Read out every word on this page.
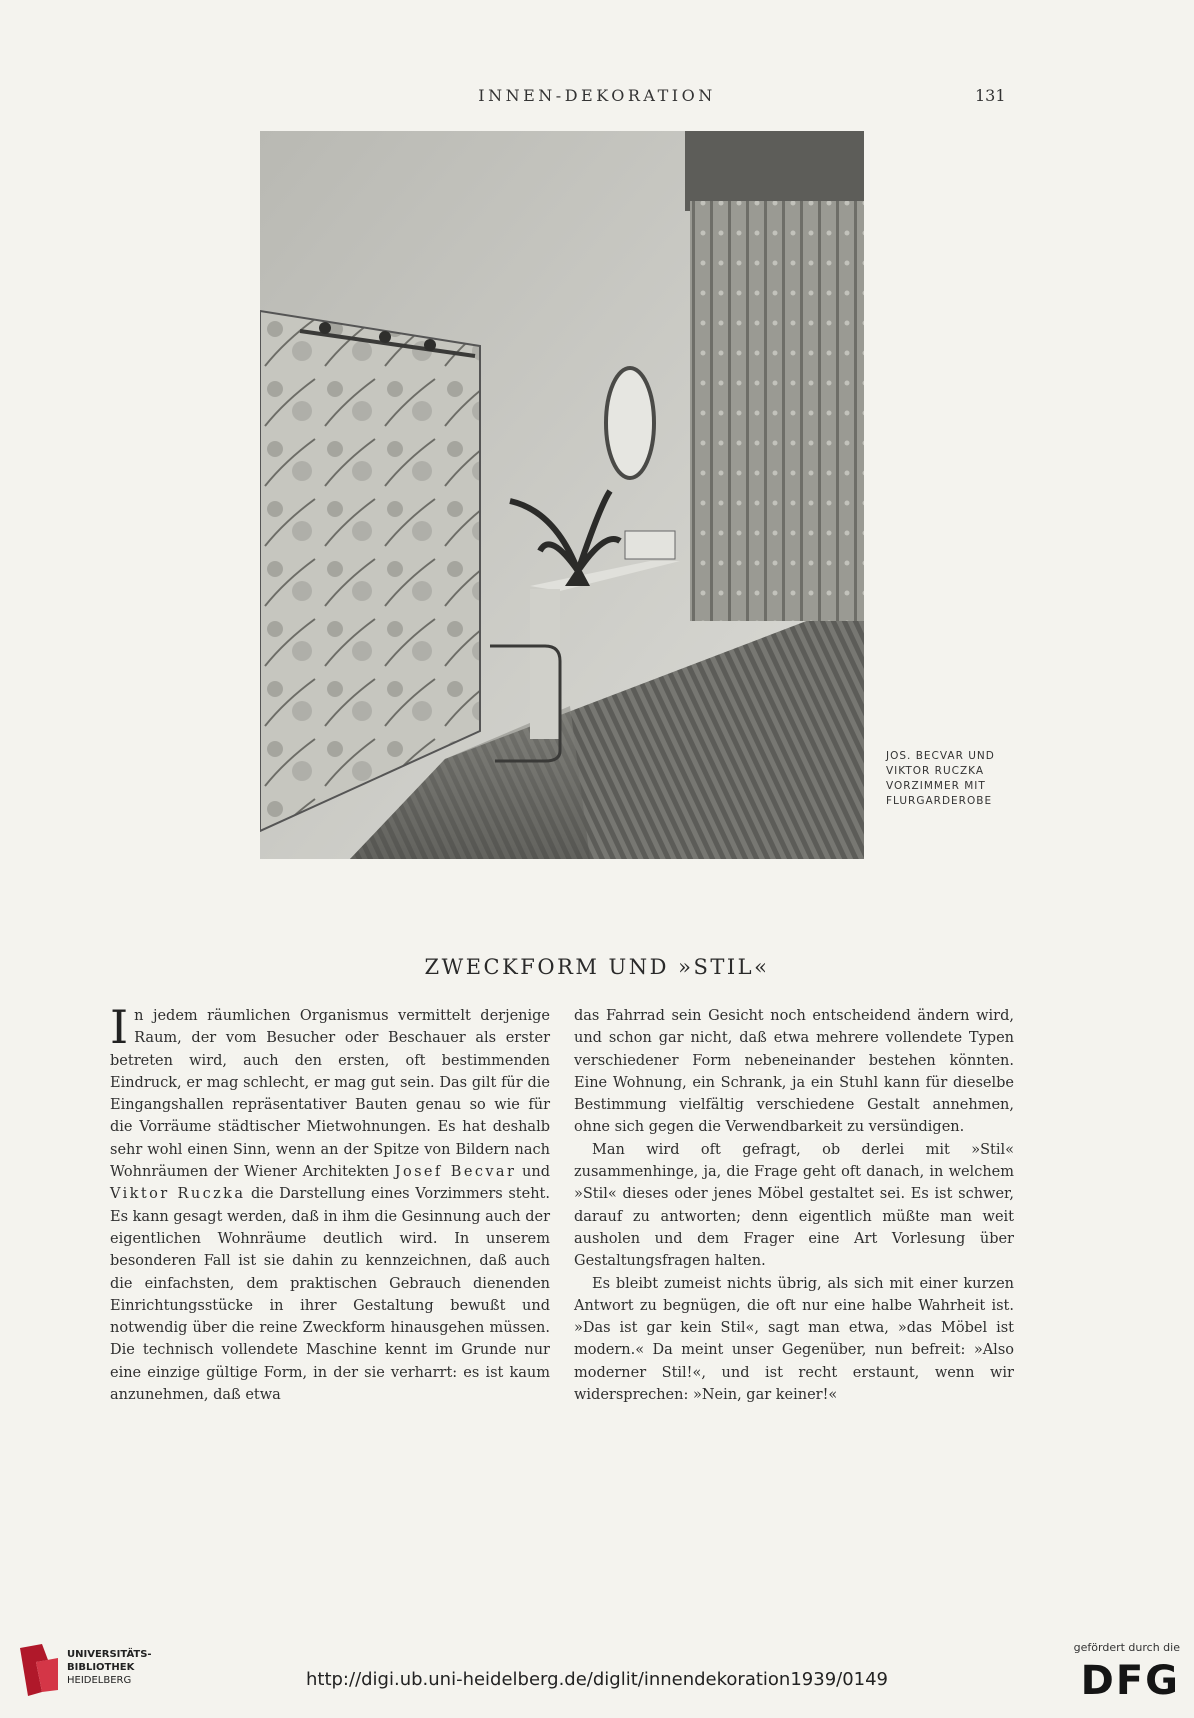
INNEN-DEKORATION	131
JOS. BECVAR UND
VIKTOR RUCZKA
VORZIMMER MIT
FLURGARDEROBE
ZWECKFORM UND »STIL«

In jedem räumlichen Organismus vermittelt derjenige Raum, der vom Besucher oder Beschauer als erster betreten wird, auch den ersten, oft bestimmenden Eindruck, er mag schlecht, er mag gut sein. Das gilt für die Eingangshallen repräsentativer Bauten genau so wie für die Vorräume städtischer Mietwohnungen. Es hat deshalb sehr wohl einen Sinn, wenn an der Spitze von Bildern nach Wohnräumen der Wiener Architekten Josef Becvar und Viktor Ruczka die Darstellung eines Vorzimmers steht. Es kann gesagt werden, daß in ihm die Gesinnung auch der eigentlichen Wohnräume deutlich wird. In unserem besonderen Fall ist sie dahin zu kennzeichnen, daß auch die einfachsten, dem praktischen Gebrauch dienenden Einrichtungsstücke in ihrer Gestaltung bewußt und notwendig über die reine Zweckform hinausgehen müssen. Die technisch vollendete Maschine kennt im Grunde nur eine einzige gültige Form, in der sie verharrt: es ist kaum anzunehmen, daß etwa

das Fahrrad sein Gesicht noch entscheidend ändern wird, und schon gar nicht, daß etwa mehrere vollendete Typen verschiedener Form nebeneinander bestehen könnten. Eine Wohnung, ein Schrank, ja ein Stuhl kann für dieselbe Bestimmung vielfältig verschiedene Gestalt annehmen, ohne sich gegen die Verwendbarkeit zu versündigen.

Man wird oft gefragt, ob derlei mit »Stil« zusammenhinge, ja, die Frage geht oft danach, in welchem »Stil« dieses oder jenes Möbel gestaltet sei. Es ist schwer, darauf zu antworten; denn eigentlich müßte man weit ausholen und dem Frager eine Art Vorlesung über Gestaltungsfragen halten.

Es bleibt zumeist nichts übrig, als sich mit einer kurzen Antwort zu begnügen, die oft nur eine halbe Wahrheit ist. »Das ist gar kein Stil«, sagt man etwa, »das Möbel ist modern.« Da meint unser Gegenüber, nun befreit: »Also moderner Stil!«, und ist recht erstaunt, wenn wir widersprechen: »Nein, gar keiner!«

UNIVERSITÄTS-
BIBLIOTHEK
HEIDELBERG	http://digi.ub.uni-heidelberg.de/diglit/innendekoration1939/0149
gefördert durch die
DFG
